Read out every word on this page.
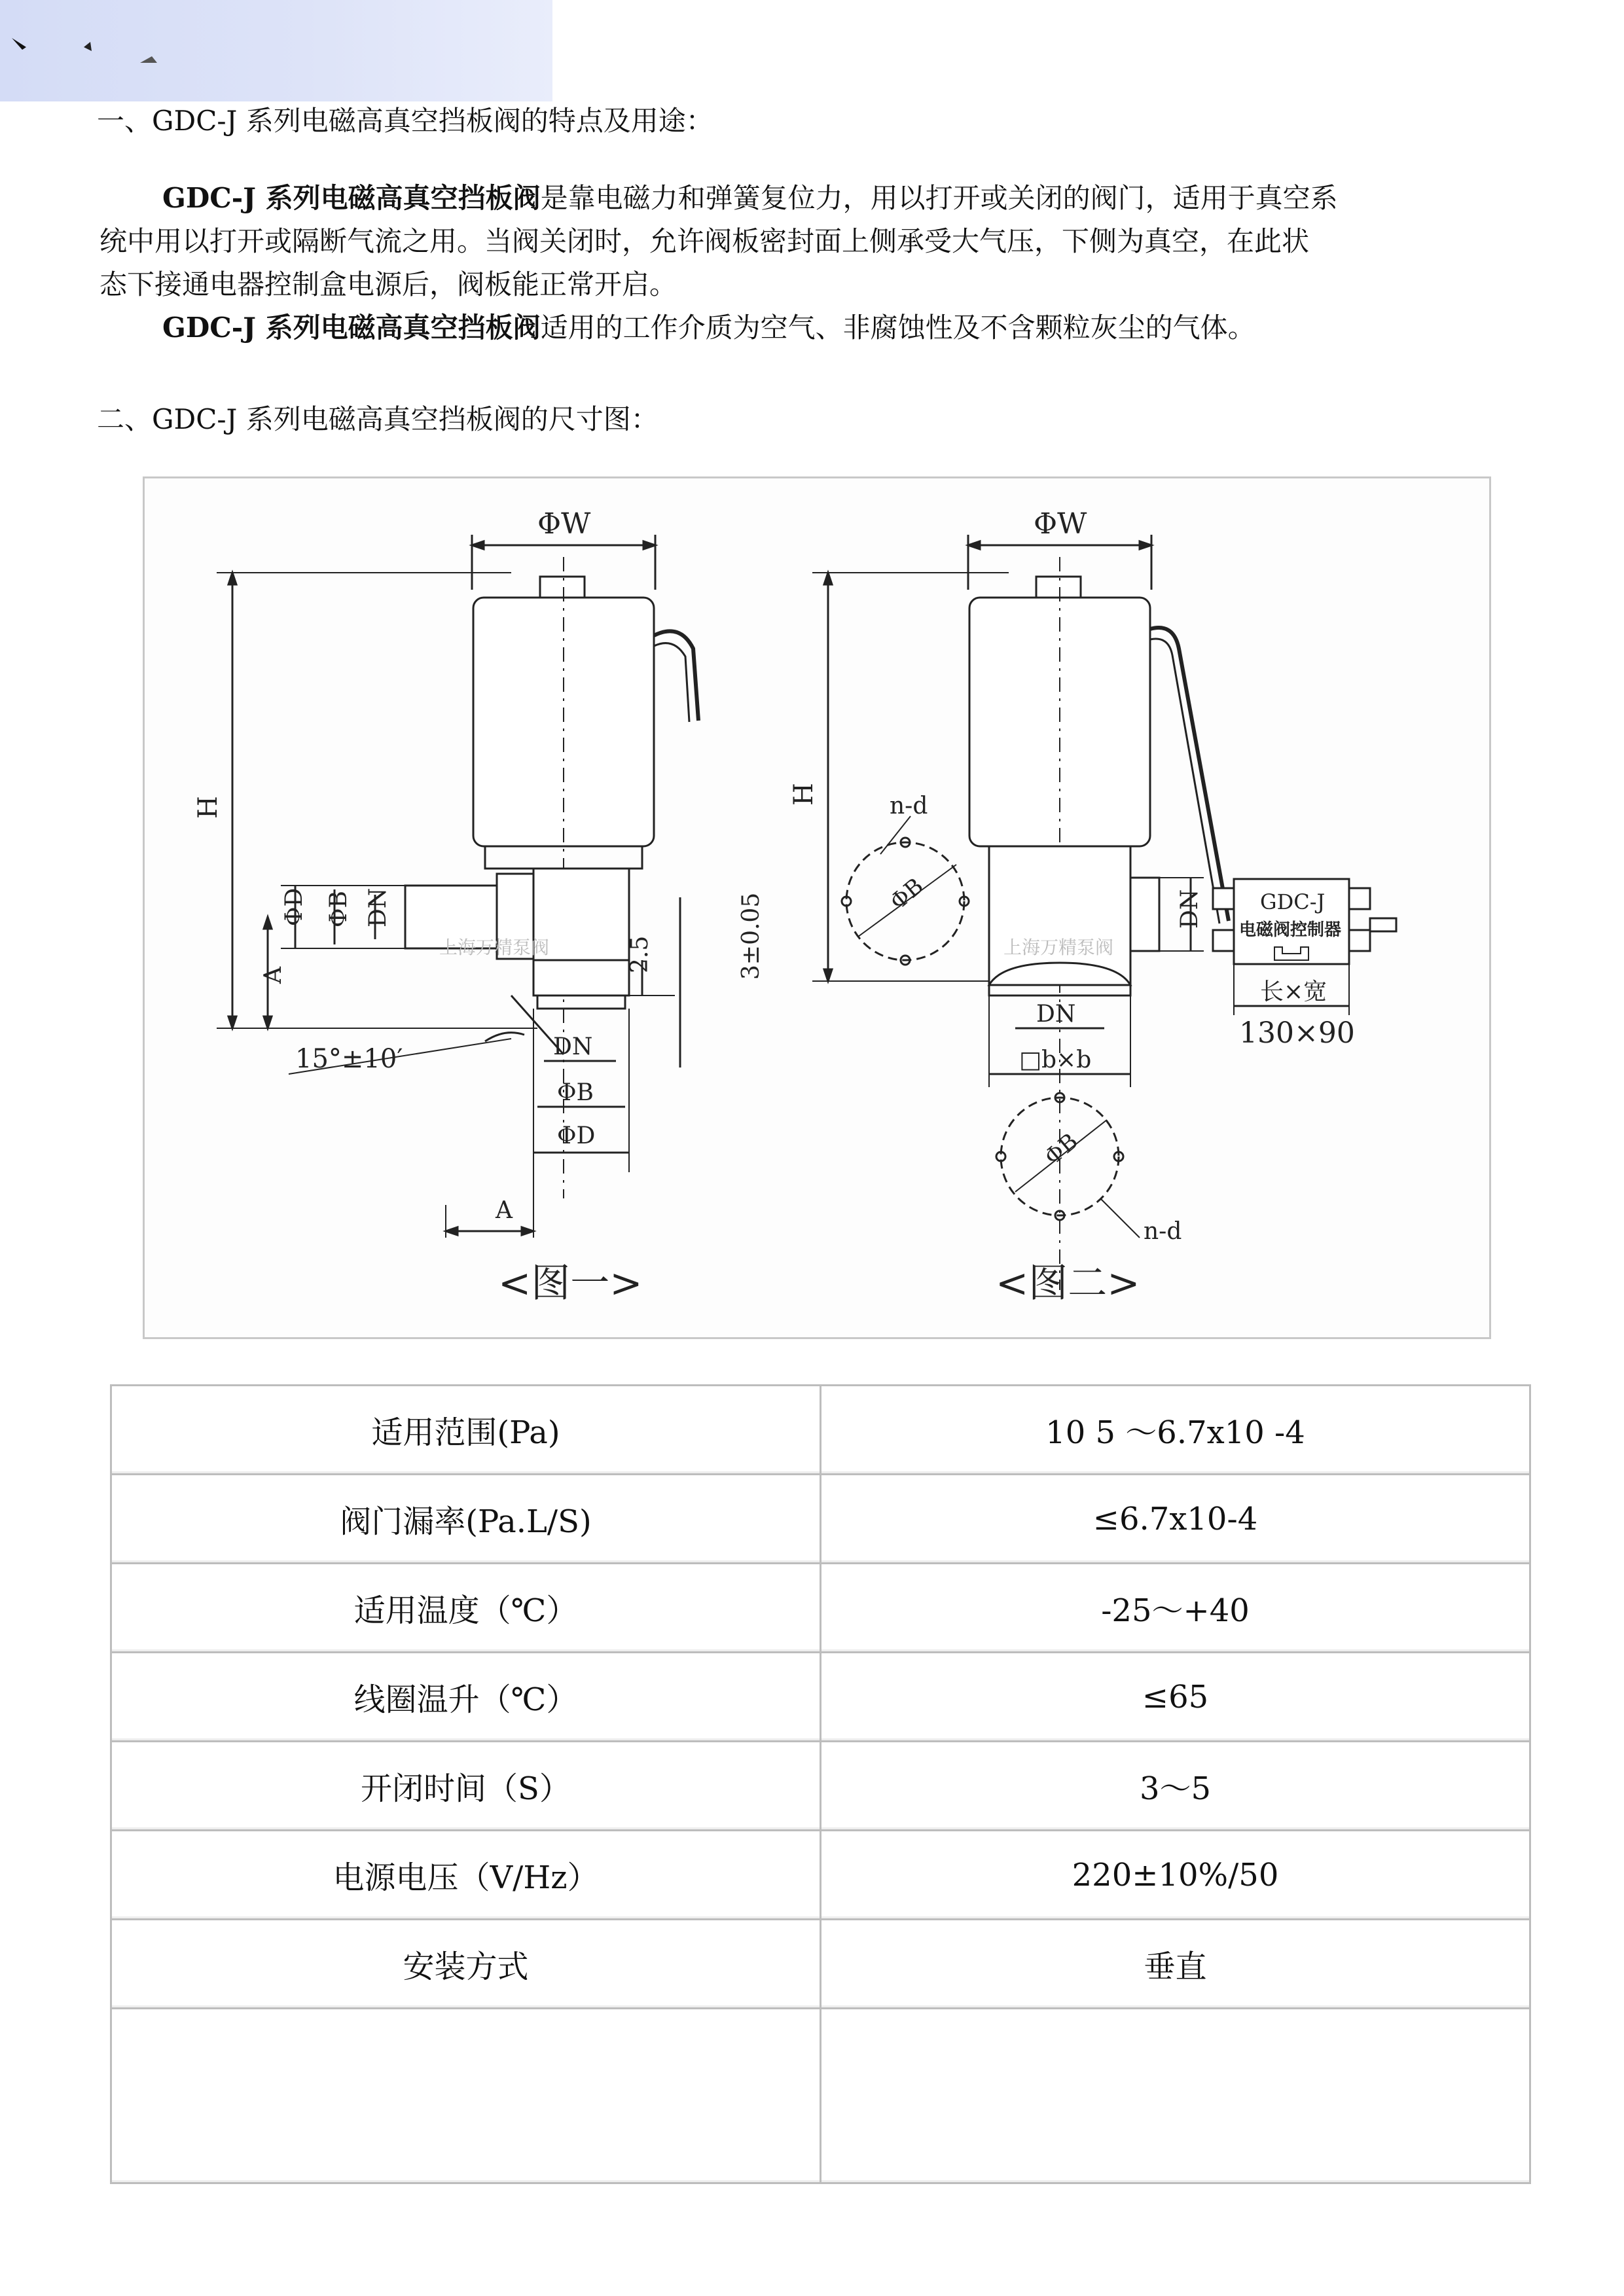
一、GDC-J 系列电磁高真空挡板阀的特点及用途：
GDC-J 系列电磁高真空挡板阀是靠电磁力和弹簧复位力，用以打开或关闭的阀门，适用于真空系
统中用以打开或隔断气流之用。当阀关闭时，允许阀板密封面上侧承受大气压，下侧为真空，在此状
态下接通电器控制盒电源后，阀板能正常开启。
GDC-J 系列电磁高真空挡板阀适用的工作介质为空气、非腐蚀性及不含颗粒灰尘的气体。
二、GDC-J 系列电磁高真空挡板阀的尺寸图：
ΦW
上海万精泵阀
H
ΦD ΦB DN
A
2.5	3±0.05
15°±10′	DN
ΦB
ΦD
A
<图一>
ΦW
上海万精泵阀
H
ΦB
n-d
DN
DN
□b×b
ΦB
n-d
<图二>
GDC-J
电磁阀控制器
长×宽
130×90
适用范围(Pa)	10 5 ～6.7x10 -4
阀门漏率(Pa.L/S)	≤6.7x10-4
适用温度（℃）	-25～+40
线圈温升（℃）	≤65
开闭时间（S）	3～5
电源电压（V/Hz）	220±10%/50
安装方式	垂直
